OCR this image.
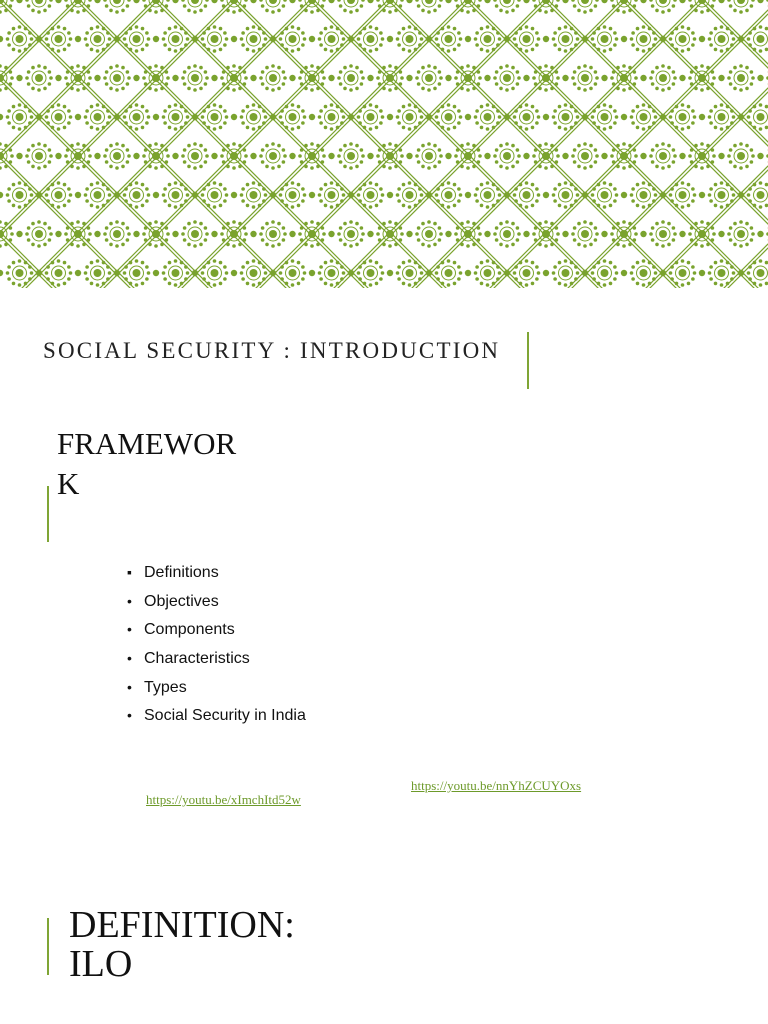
SOCIAL SECURITY : INTRODUCTION
FRAMEWORK
▪ Definitions
• Objectives
• Components
• Characteristics
• Types
• Social Security in India
https://youtu.be/nnYhZCUYOxs
https://youtu.be/xImchItd52w
DEFINITION:
ILO
